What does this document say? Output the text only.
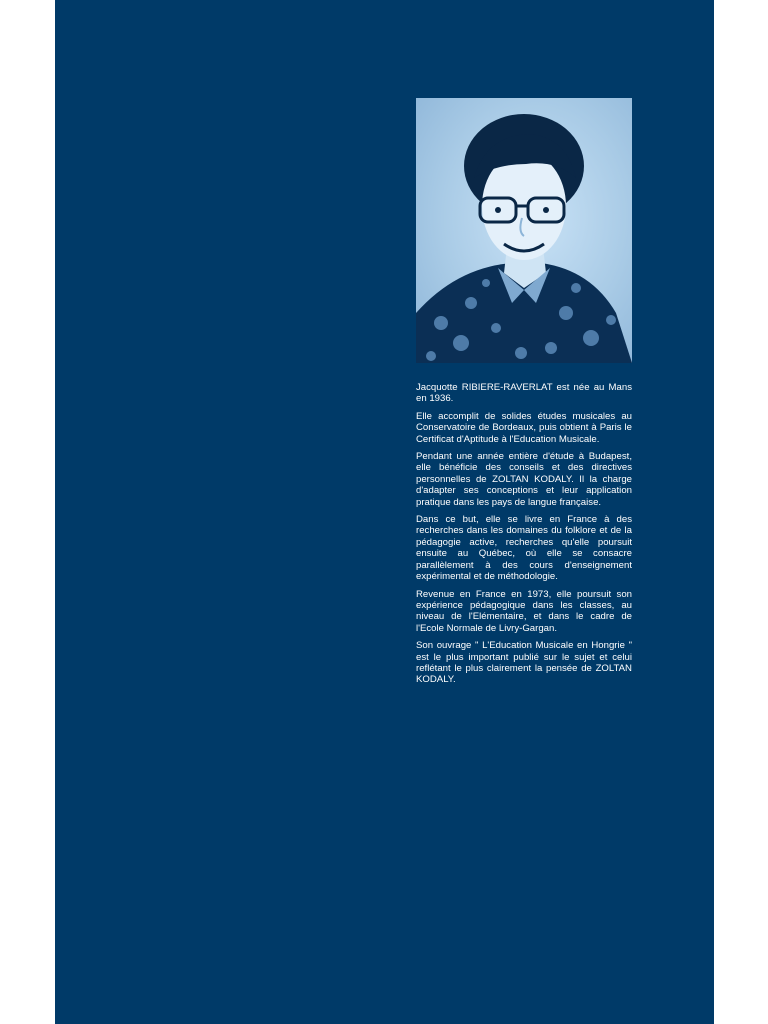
Jacquotte RIBIERE-RAVERLAT est née au Mans en 1936.

Elle accomplit de solides études musicales au Conservatoire de Bordeaux, puis obtient à Paris le Certificat d'Aptitude à l'Education Musicale.

Pendant une année entière d'étude à Budapest, elle bénéficie des conseils et des directives personnelles de ZOLTAN KODALY. Il la charge d'adapter ses conceptions et leur application pratique dans les pays de langue française.

Dans ce but, elle se livre en France à des recherches dans les domaines du folklore et de la pédagogie active, recherches qu'elle poursuit ensuite au Québec, où elle se consacre parallèlement à des cours d'enseignement expérimental et de méthodologie.

Revenue en France en 1973, elle poursuit son expérience pédagogique dans les classes, au niveau de l'Elémentaire, et dans le cadre de l'Ecole Normale de Livry-Gargan.

Son ouvrage " L'Education Musicale en Hongrie " est le plus important publié sur le sujet et celui reflétant le plus clairement la pensée de ZOLTAN KODALY.
